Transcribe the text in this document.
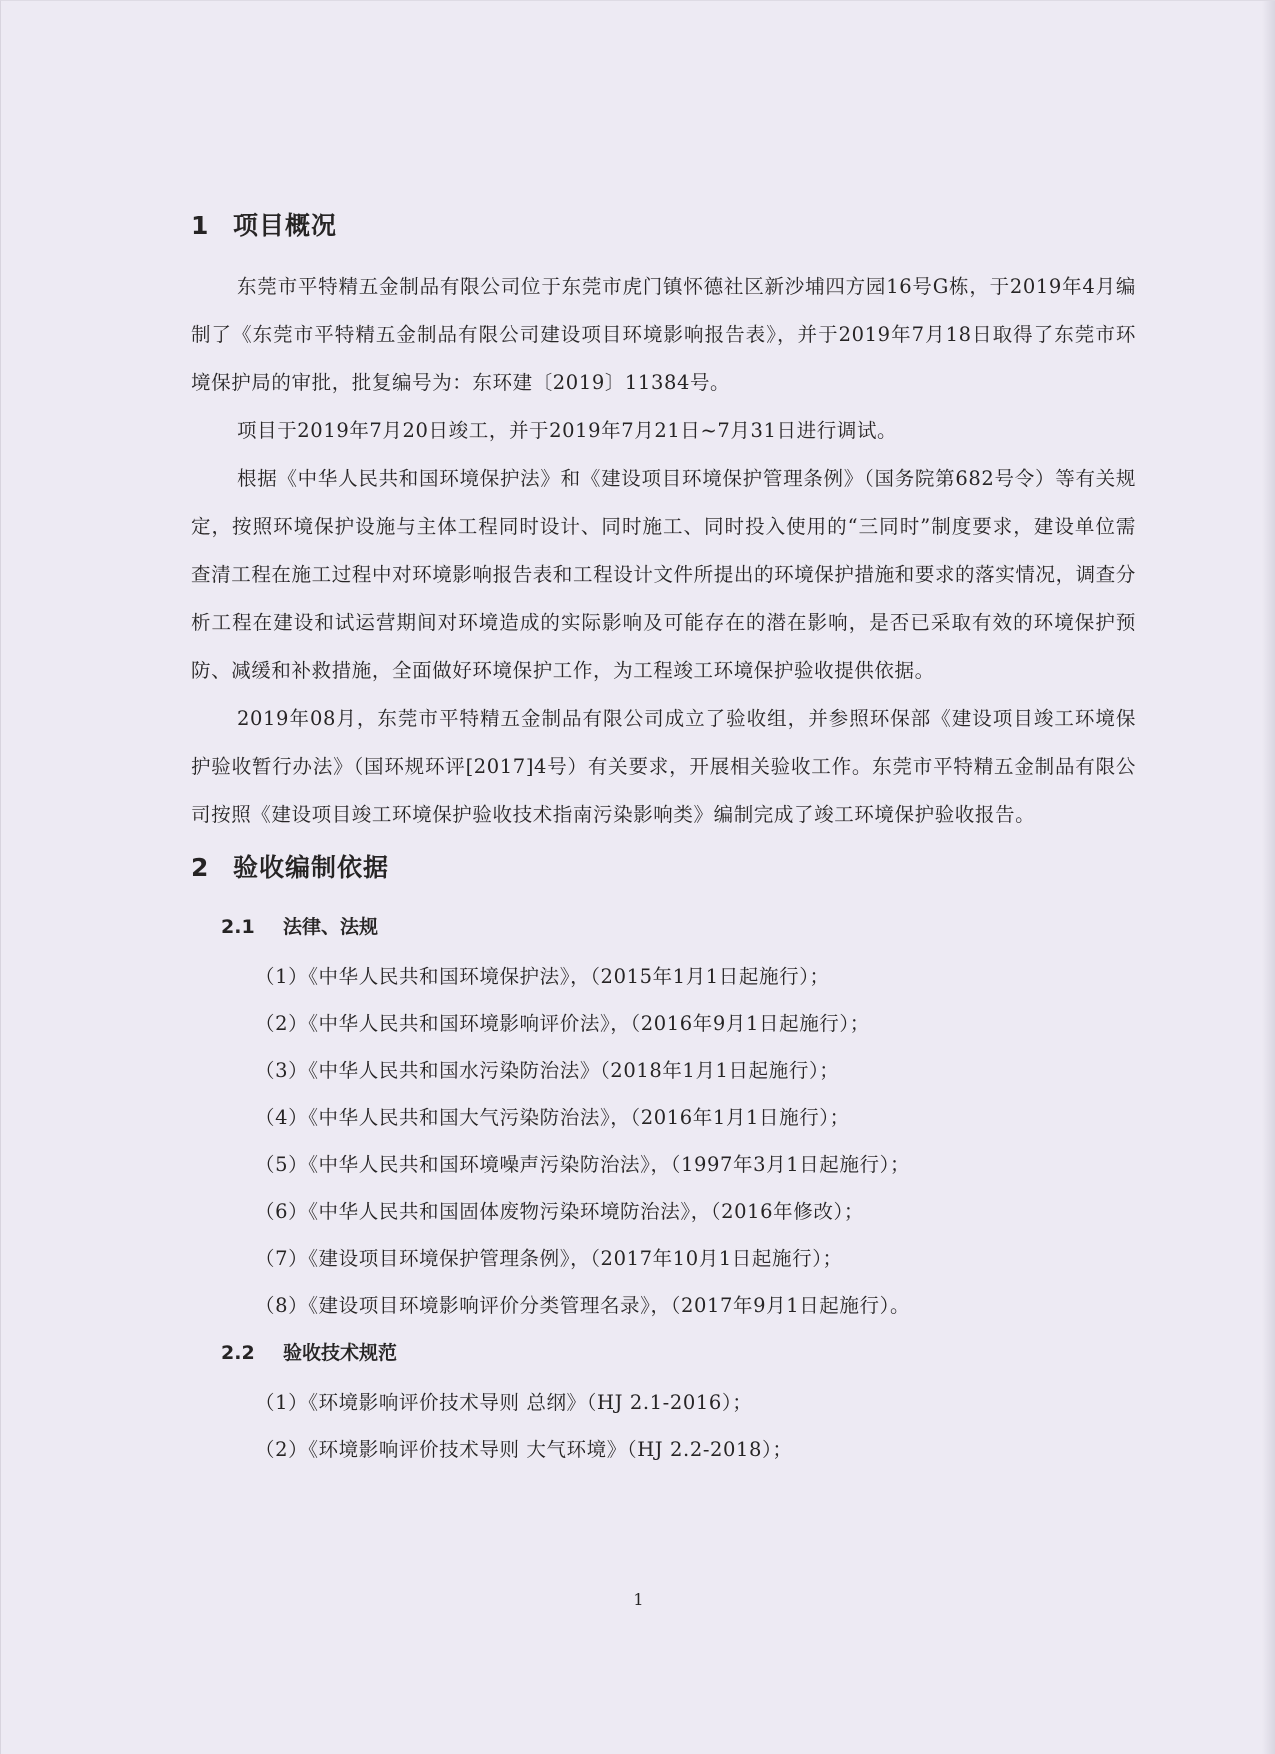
1 项目概况

东莞市平特精五金制品有限公司位于东莞市虎门镇怀德社区新沙埔四方园16号G栋，于2019年4月编制了《东莞市平特精五金制品有限公司建设项目环境影响报告表》，并于2019年7月18日取得了东莞市环境保护局的审批，批复编号为：东环建〔2019〕11384号。

项目于2019年7月20日竣工，并于2019年7月21日~7月31日进行调试。

根据《中华人民共和国环境保护法》和《建设项目环境保护管理条例》（国务院第682号令）等有关规定，按照环境保护设施与主体工程同时设计、同时施工、同时投入使用的“三同时”制度要求，建设单位需查清工程在施工过程中对环境影响报告表和工程设计文件所提出的环境保护措施和要求的落实情况，调查分析工程在建设和试运营期间对环境造成的实际影响及可能存在的潜在影响，是否已采取有效的环境保护预防、减缓和补救措施，全面做好环境保护工作，为工程竣工环境保护验收提供依据。

2019年08月，东莞市平特精五金制品有限公司成立了验收组，并参照环保部《建设项目竣工环境保护验收暂行办法》（国环规环评[2017]4号）有关要求，开展相关验收工作。东莞市平特精五金制品有限公司按照《建设项目竣工环境保护验收技术指南污染影响类》编制完成了竣工环境保护验收报告。

2 验收编制依据
2.1 法律、法规
（1）《中华人民共和国环境保护法》，（2015年1月1日起施行）；
（2）《中华人民共和国环境影响评价法》，（2016年9月1日起施行）；
（3）《中华人民共和国水污染防治法》（2018年1月1日起施行）；
（4）《中华人民共和国大气污染防治法》，（2016年1月1日施行）；
（5）《中华人民共和国环境噪声污染防治法》，（1997年3月1日起施行）；
（6）《中华人民共和国固体废物污染环境防治法》，（2016年修改）；
（7）《建设项目环境保护管理条例》，（2017年10月1日起施行）；
（8）《建设项目环境影响评价分类管理名录》，（2017年9月1日起施行）。
2.2 验收技术规范
（1）《环境影响评价技术导则 总纲》（HJ 2.1-2016）；
（2）《环境影响评价技术导则 大气环境》（HJ 2.2-2018）；
1
